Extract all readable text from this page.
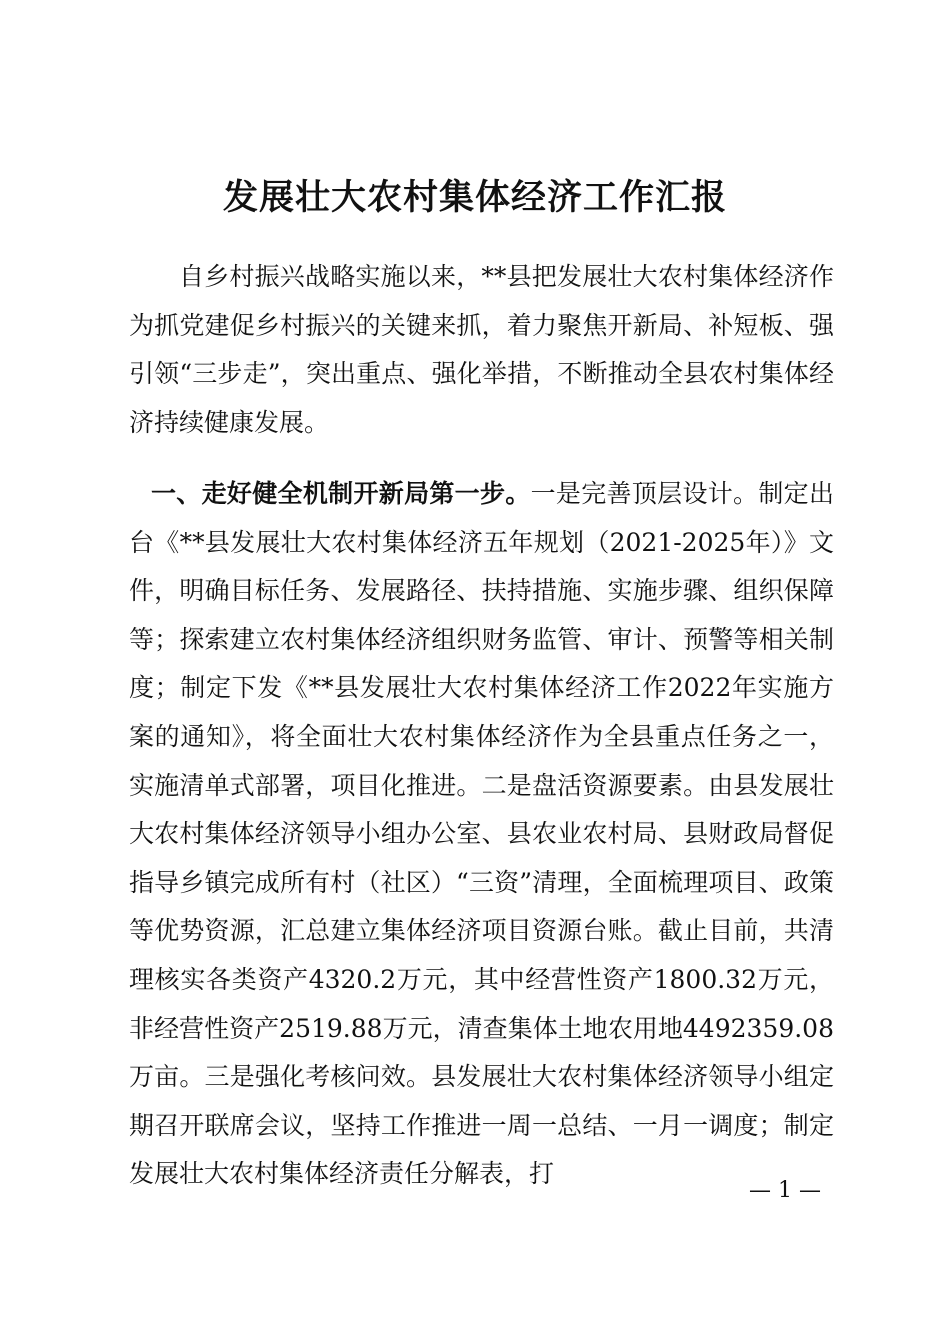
发展壮大农村集体经济工作汇报

自乡村振兴战略实施以来，**县把发展壮大农村集体经济作为抓党建促乡村振兴的关键来抓，着力聚焦开新局、补短板、强引领“三步走”，突出重点、强化举措，不断推动全县农村集体经济持续健康发展。

一、走好健全机制开新局第一步。一是完善顶层设计。制定出台《**县发展壮大农村集体经济五年规划（2021-2025年）》文件，明确目标任务、发展路径、扶持措施、实施步骤、组织保障等；探索建立农村集体经济组织财务监管、审计、预警等相关制度；制定下发《**县发展壮大农村集体经济工作2022年实施方案的通知》，将全面壮大农村集体经济作为全县重点任务之一，实施清单式部署，项目化推进。二是盘活资源要素。由县发展壮大农村集体经济领导小组办公室、县农业农村局、县财政局督促指导乡镇完成所有村（社区）“三资”清理，全面梳理项目、政策等优势资源，汇总建立集体经济项目资源台账。截止目前，共清理核实各类资产4320.2万元，其中经营性资产1800.32万元，非经营性资产2519.88万元，清查集体土地农用地4492359.08万亩。三是强化考核问效。县发展壮大农村集体经济领导小组定期召开联席会议，坚持工作推进一周一总结、一月一调度；制定发展壮大农村集体经济责任分解表，打

— 1 —
